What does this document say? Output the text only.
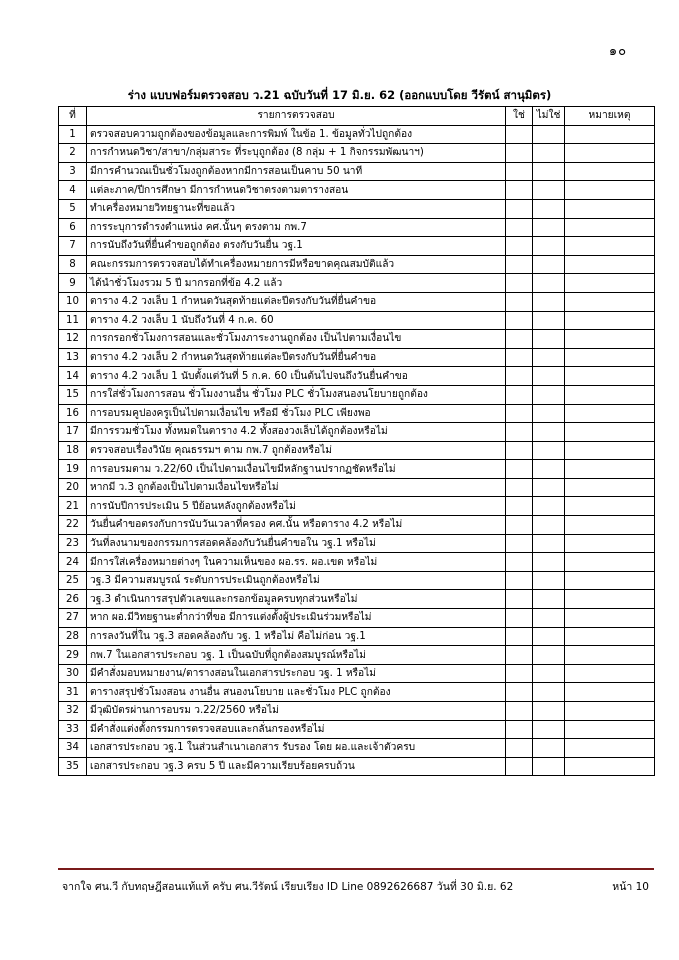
๑๐
ร่าง แบบฟอร์มตรวจสอบ ว.21 ฉบับวันที่ 17 มิ.ย. 62 (ออกแบบโดย วีรัตน์ สานุมิตร)
ที่	รายการตรวจสอบ	ใช่	ไม่ใช่	หมายเหตุ
1	ตรวจสอบความถูกต้องของข้อมูลและการพิมพ์ ในข้อ 1. ข้อมูลทั่วไปถูกต้อง			
2	การกำหนดวิชา/สาขา/กลุ่มสาระ ที่ระบุถูกต้อง (8 กลุ่ม + 1 กิจกรรมพัฒนาฯ)			
3	มีการคำนวณเป็นชั่วโมงถูกต้องหากมีการสอนเป็นคาบ 50 นาที			
4	แต่ละภาค/ปีการศึกษา มีการกำหนดวิชาตรงตามตารางสอน			
5	ทำเครื่องหมายวิทยฐานะที่ขอแล้ว			
6	การระบุการดำรงตำแหน่ง คศ.นั้นๆ ตรงตาม กพ.7			
7	การนับถึงวันที่ยื่นคำขอถูกต้อง ตรงกับวันยื่น วฐ.1			
8	คณะกรรมการตรวจสอบได้ทำเครื่องหมายการมีหรือขาดคุณสมบัติแล้ว			
9	ได้นำชั่วโมงรวม 5 ปี มากรอกที่ข้อ 4.2 แล้ว			
10	ตาราง 4.2 วงเล็บ 1 กำหนดวันสุดท้ายแต่ละปีตรงกับวันที่ยื่นคำขอ			
11	ตาราง 4.2 วงเล็บ 1 นับถึงวันที่ 4 ก.ค. 60			
12	การกรอกชั่วโมงการสอนและชั่วโมงภาระงานถูกต้อง เป็นไปตามเงื่อนไข			
13	ตาราง 4.2 วงเล็บ 2 กำหนดวันสุดท้ายแต่ละปีตรงกับวันที่ยื่นคำขอ			
14	ตาราง 4.2 วงเล็บ 1 นับตั้งแต่วันที่ 5 ก.ค. 60 เป็นต้นไปจนถึงวันยื่นคำขอ			
15	การใส่ชั่วโมงการสอน ชั่วโมงงานอื่น ชั่วโมง PLC ชั่วโมงสนองนโยบายถูกต้อง			
16	การอบรมคูปองครูเป็นไปตามเงื่อนไข หรือมี ชั่วโมง PLC เพียงพอ			
17	มีการรวมชั่วโมง ทั้งหมดในตาราง 4.2 ทั้งสองวงเล็บได้ถูกต้องหรือไม่			
18	ตรวจสอบเรื่องวินัย คุณธรรมฯ ตาม กพ.7 ถูกต้องหรือไม่			
19	การอบรมตาม ว.22/60 เป็นไปตามเงื่อนไขมีหลักฐานปรากฏชัดหรือไม่			
20	หากมี ว.3 ถูกต้องเป็นไปตามเงื่อนไขหรือไม่			
21	การนับปีการประเมิน 5 ปีย้อนหลังถูกต้องหรือไม่			
22	วันยื่นคำขอตรงกับการนับวันเวลาที่ครอง คศ.นั้น หรือตาราง 4.2 หรือไม่			
23	วันที่ลงนามของกรรมการสอดคล้องกับวันยื่นคำขอใน วฐ.1 หรือไม่			
24	มีการใส่เครื่องหมายต่างๆ ในความเห็นของ ผอ.รร. ผอ.เขต หรือไม่			
25	วฐ.3 มีความสมบูรณ์ ระดับการประเมินถูกต้องหรือไม่			
26	วฐ.3 ดำเนินการสรุปตัวเลขและกรอกข้อมูลครบทุกส่วนหรือไม่			
27	หาก ผอ.มีวิทยฐานะต่ำกว่าที่ขอ มีการแต่งตั้งผู้ประเมินร่วมหรือไม่			
28	การลงวันที่ใน วฐ.3 สอดคล้องกับ วฐ. 1 หรือไม่ คือไม่ก่อน วฐ.1			
29	กพ.7 ในเอกสารประกอบ วฐ. 1 เป็นฉบับที่ถูกต้องสมบูรณ์หรือไม่			
30	มีคำสั่งมอบหมายงาน/ตารางสอนในเอกสารประกอบ วฐ. 1 หรือไม่			
31	ตารางสรุปชั่วโมงสอน งานอื่น สนองนโยบาย และชั่วโมง PLC ถูกต้อง			
32	มีวุฒิบัตรผ่านการอบรม ว.22/2560 หรือไม่			
33	มีคำสั่งแต่งตั้งกรรมการตรวจสอบและกลั่นกรองหรือไม่			
34	เอกสารประกอบ วฐ.1 ในส่วนสำเนาเอกสาร รับรอง โดย ผอ.และเจ้าตัวครบ			
35	เอกสารประกอบ วฐ.3 ครบ 5 ปี และมีความเรียบร้อยครบถ้วน			
จากใจ ศน.วี กับทฤษฎีสอนแท้แท้ ครับ ศน.วีรัตน์ เรียบเรียง ID Line 0892626687 วันที่ 30 มิ.ย. 62	หน้า 10
